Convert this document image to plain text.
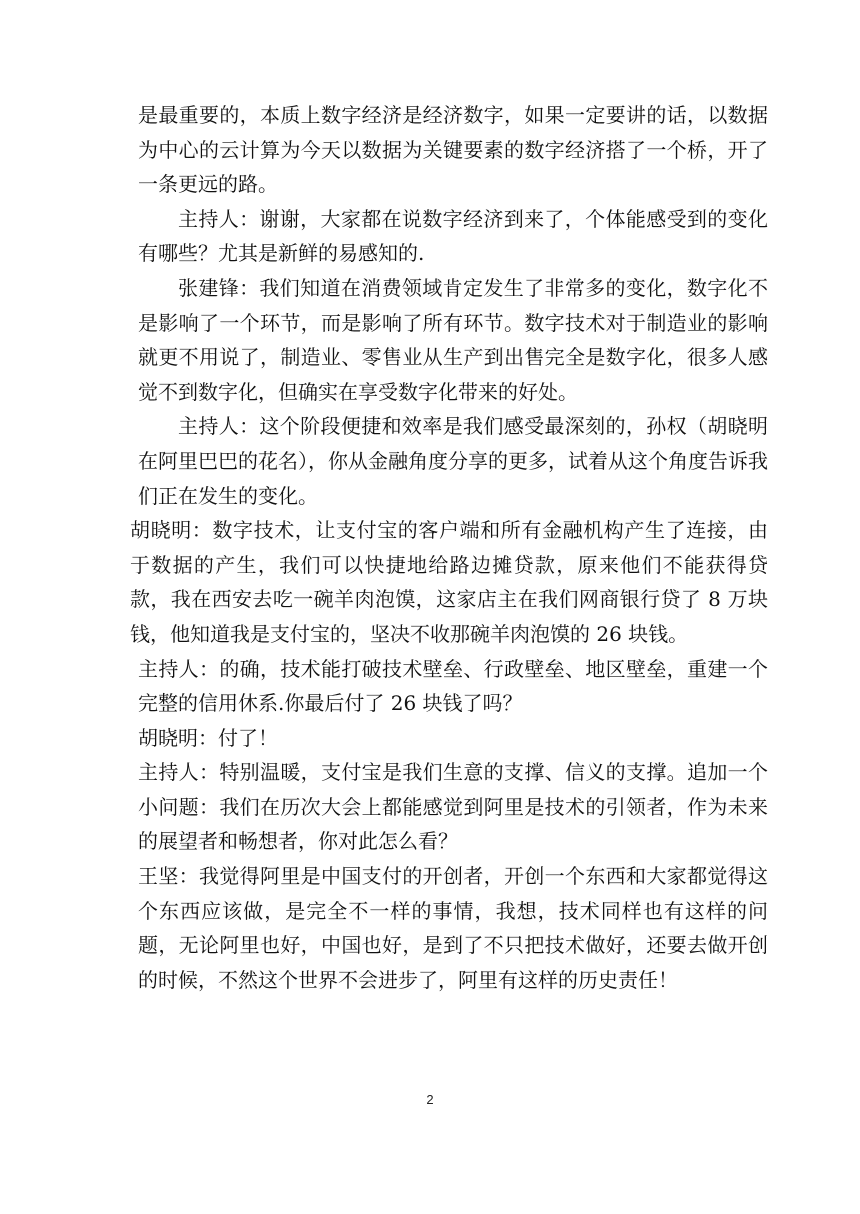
是最重要的，本质上数字经济是经济数字，如果一定要讲的话，以数据为中心的云计算为今天以数据为关键要素的数字经济搭了一个桥，开了一条更远的路。

主持人：谢谢，大家都在说数字经济到来了，个体能感受到的变化有哪些？尤其是新鲜的易感知的.

张建锋：我们知道在消费领域肯定发生了非常多的变化，数字化不是影响了一个环节，而是影响了所有环节。数字技术对于制造业的影响就更不用说了，制造业、零售业从生产到出售完全是数字化，很多人感觉不到数字化，但确实在享受数字化带来的好处。

主持人：这个阶段便捷和效率是我们感受最深刻的，孙权（胡晓明在阿里巴巴的花名），你从金融角度分享的更多，试着从这个角度告诉我们正在发生的变化。

胡晓明：数字技术，让支付宝的客户端和所有金融机构产生了连接，由于数据的产生，我们可以快捷地给路边摊贷款，原来他们不能获得贷款，我在西安去吃一碗羊肉泡馍，这家店主在我们网商银行贷了 8 万块钱，他知道我是支付宝的，坚决不收那碗羊肉泡馍的 26 块钱。

主持人：的确，技术能打破技术壁垒、行政壁垒、地区壁垒，重建一个完整的信用休系.你最后付了 26 块钱了吗？

胡晓明：付了！

主持人：特别温暖，支付宝是我们生意的支撑、信义的支撑。追加一个小问题：我们在历次大会上都能感觉到阿里是技术的引领者，作为未来的展望者和畅想者，你对此怎么看？

王坚：我觉得阿里是中国支付的开创者，开创一个东西和大家都觉得这个东西应该做，是完全不一样的事情，我想，技术同样也有这样的问题，无论阿里也好，中国也好，是到了不只把技术做好，还要去做开创的时候，不然这个世界不会进步了，阿里有这样的历史责任！

2
